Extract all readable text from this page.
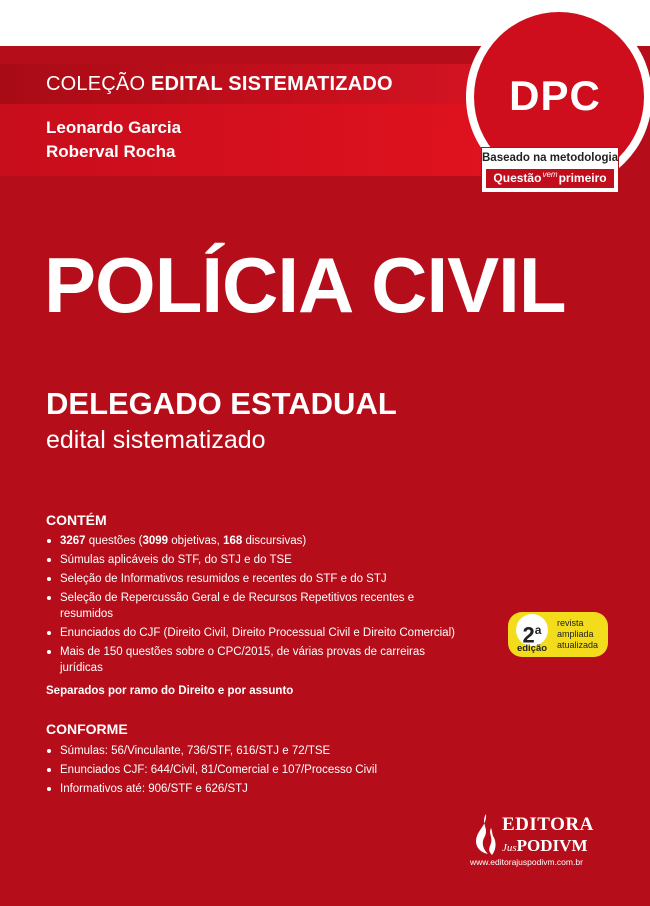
COLEÇÃO EDITAL SISTEMATIZADO
Leonardo Garcia
Roberval Rocha
DPC
Baseado na metodologia
Questão$^{vem}$primeiro
POLÍCIA CIVIL
DELEGADO ESTADUAL
edital sistematizado
CONTÉM
3267 questões (3099 objetivas, 168 discursivas)
Súmulas aplicáveis do STF, do STJ e do TSE
Seleção de Informativos resumidos e recentes do STF e do STJ
Seleção de Repercussão Geral e de Recursos Repetitivos recentes e resumidos
Enunciados do CJF (Direito Civil, Direito Processual Civil e Direito Comercial)
Mais de 150 questões sobre o CPC/2015, de várias provas de carreiras jurídicas
Separados por ramo do Direito e por assunto
CONFORME
Súmulas: 56/Vinculante, 736/STF, 616/STJ e 72/TSE
Enunciados CJF: 644/Civil, 81/Comercial e 107/Processo Civil
Informativos até: 906/STF e 626/STJ
2$^a$
edição
revista
ampliada
atualizada
EDITORA
JusPODIVM
www.editorajuspodivm.com.br
